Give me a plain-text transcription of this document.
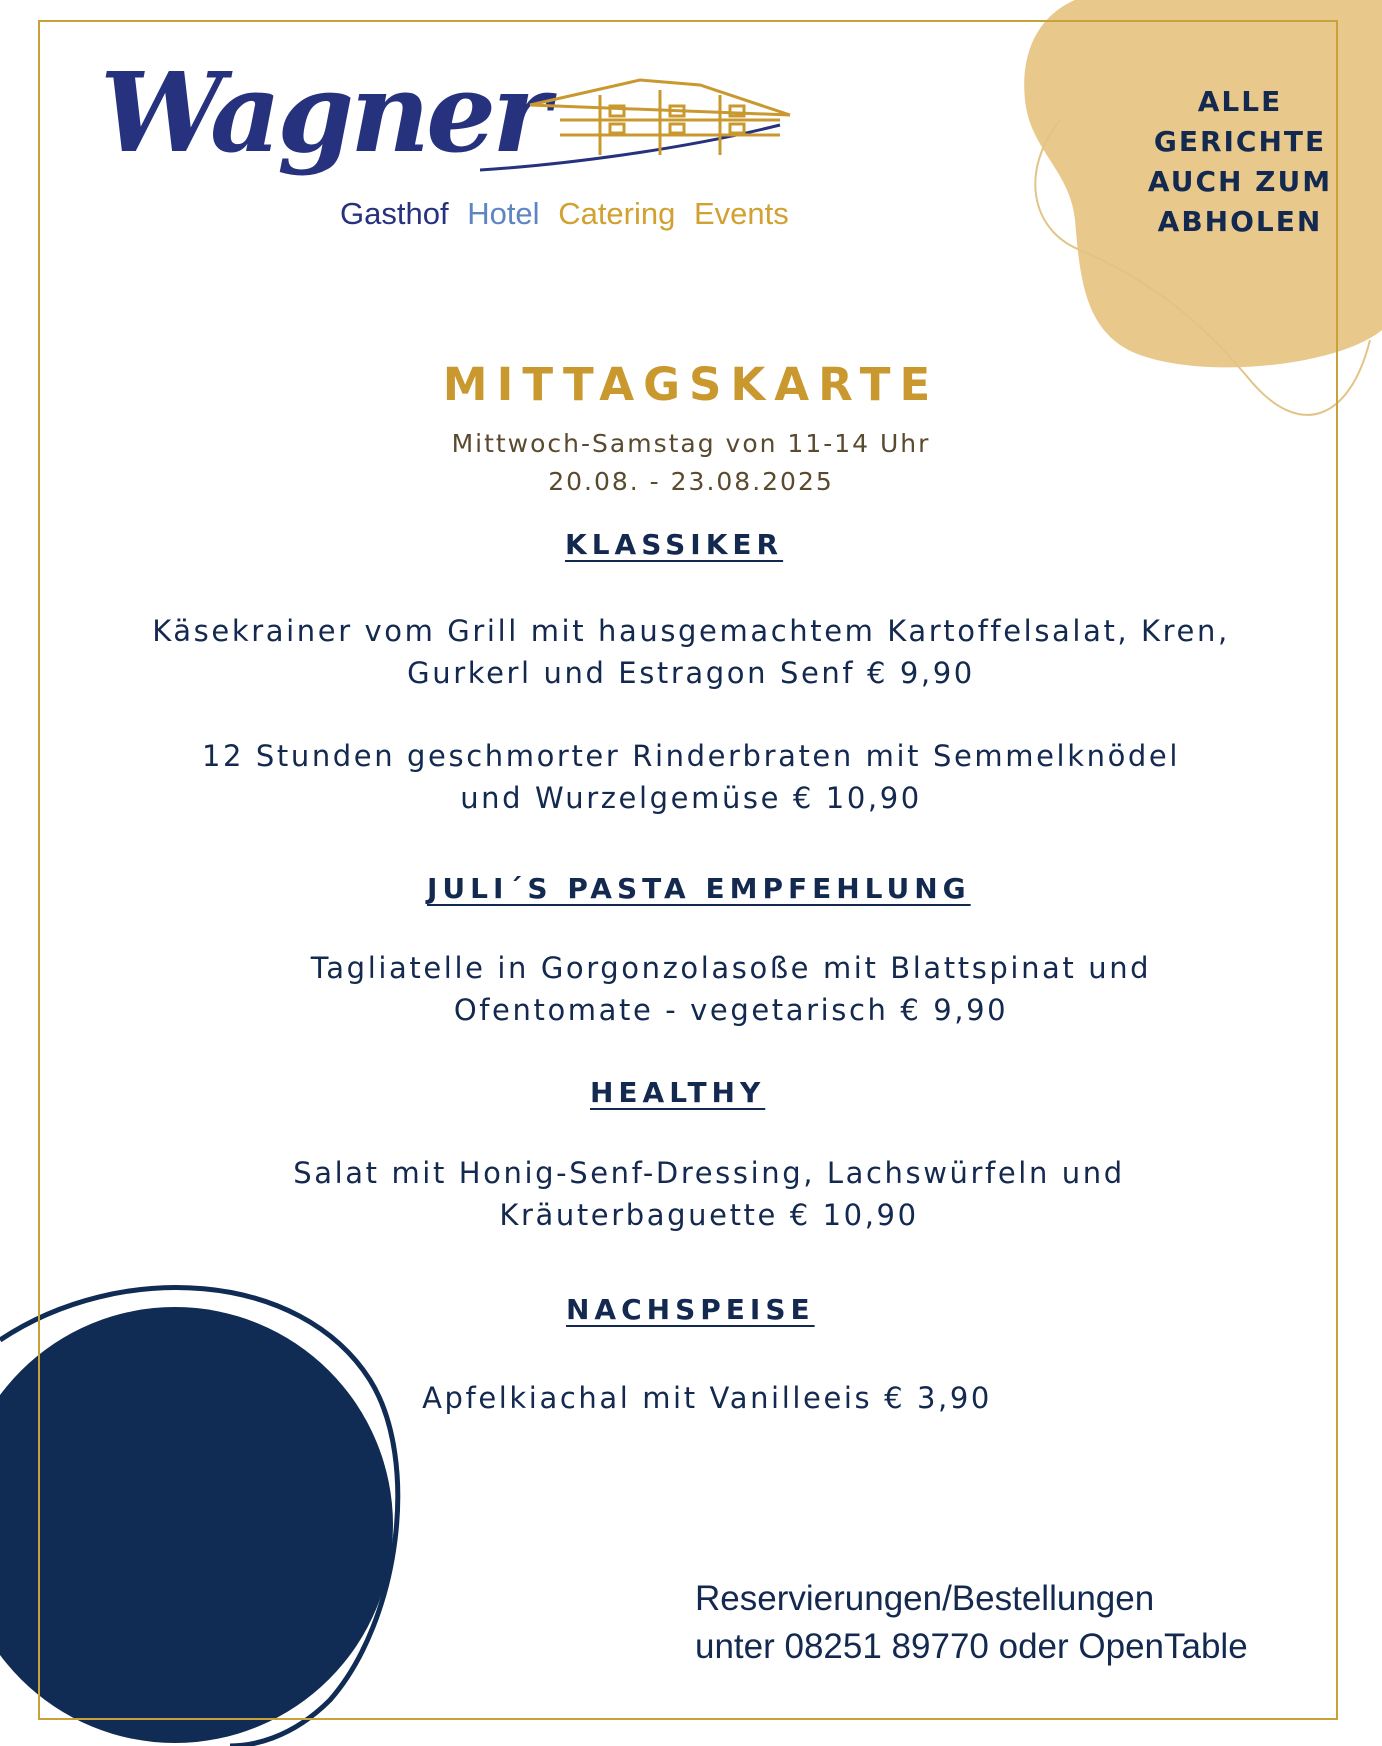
Wagner
Gasthof Hotel Catering Events
ALLE
GERICHTE
AUCH ZUM
ABHOLEN
MITTAGSKARTE
Mittwoch-Samstag von 11-14 Uhr
20.08. - 23.08.2025
KLASSIKER
Käsekrainer vom Grill mit hausgemachtem Kartoffelsalat, Kren,
Gurkerl und Estragon Senf € 9,90
12 Stunden geschmorter Rinderbraten mit Semmelknödel
und Wurzelgemüse € 10,90
JULI´S PASTA EMPFEHLUNG
Tagliatelle in Gorgonzolasoße mit Blattspinat und
Ofentomate - vegetarisch € 9,90
HEALTHY
Salat mit Honig-Senf-Dressing, Lachswürfeln und
Kräuterbaguette € 10,90
NACHSPEISE
Apfelkiachal mit Vanilleeis € 3,90
Reservierungen/Bestellungen
unter 08251 89770 oder OpenTable
